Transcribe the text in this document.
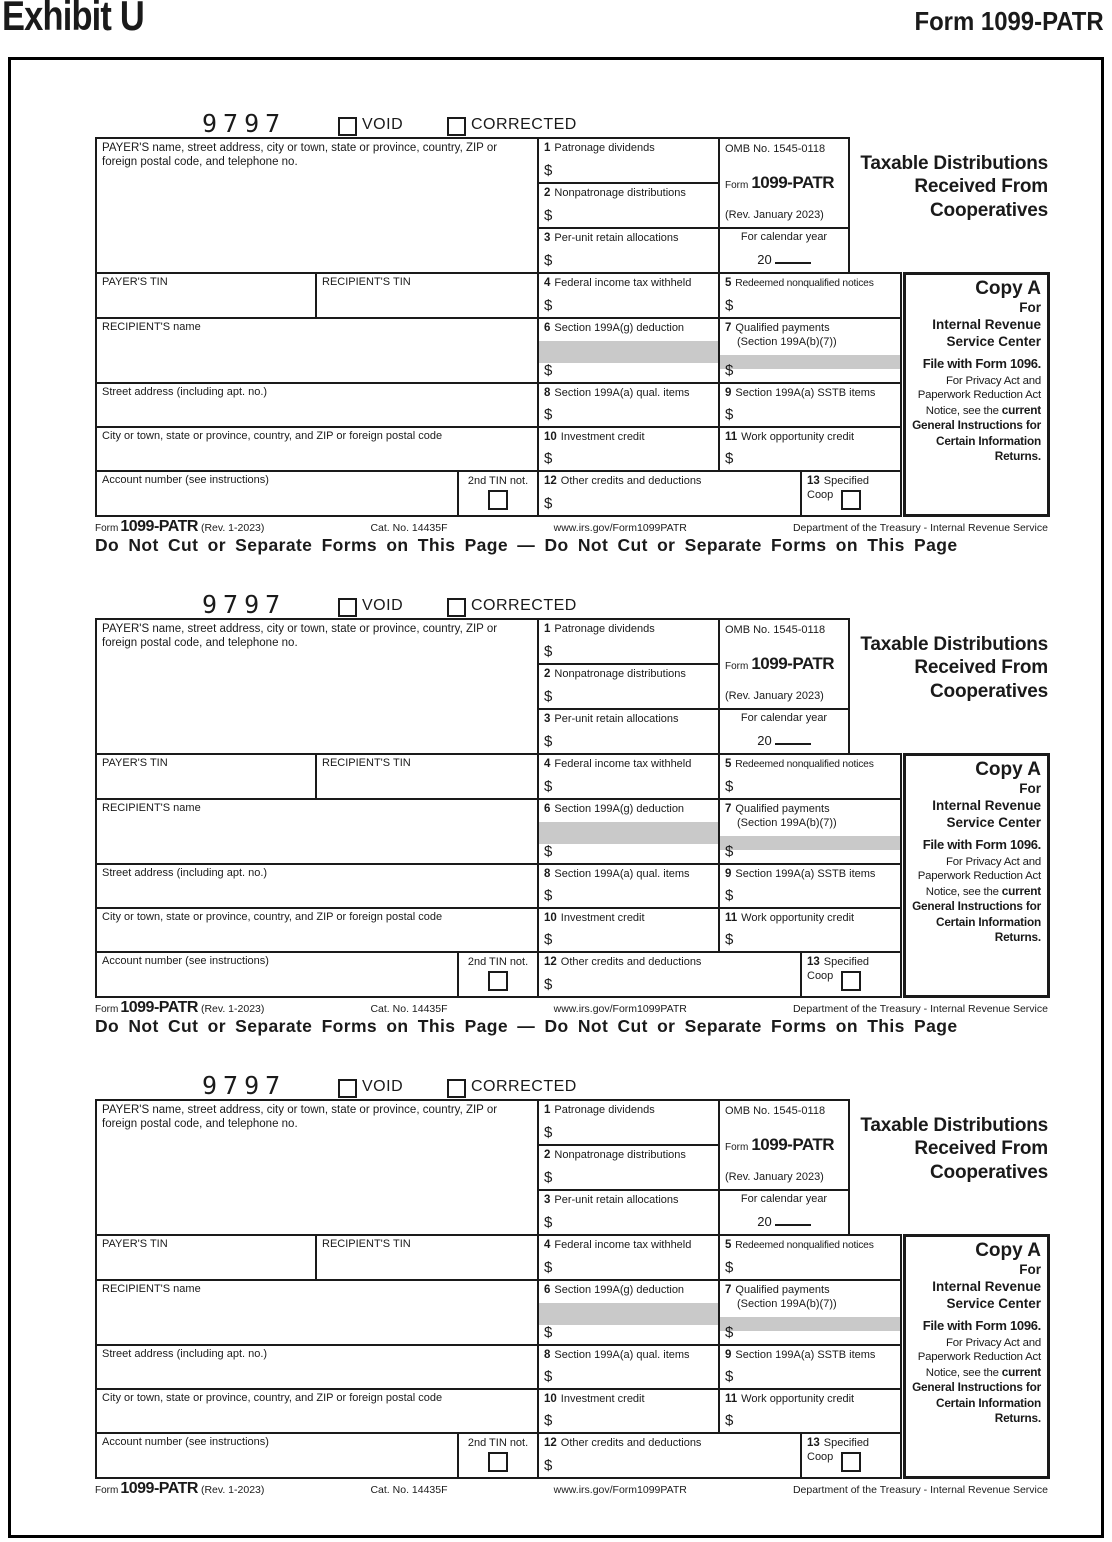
Exhibit U	Form 1099-PATR
9797	VOID	CORRECTED
PAYER'S name, street address, city or town, state or province, country, ZIP or foreign postal code, and telephone no.
1 Patronage dividends
$
2 Nonpatronage distributions
$
3 Per-unit retain allocations
$
OMB No. 1545-0118
Form 1099-PATR
(Rev. January 2023)
For calendar year
20
Taxable Distributions Received From Cooperatives
PAYER'S TIN	RECIPIENT'S TIN	4 Federal income tax withheld
$
5 Redeemed nonqualified notices
$
RECIPIENT'S name	6 Section 199A(g) deduction
$
7 Qualified payments
(Section 199A(b)(7))
$
Street address (including apt. no.)	8 Section 199A(a) qual. items
$
9 Section 199A(a) SSTB items
$
City or town, state or province, country, and ZIP or foreign postal code	10 Investment credit
$
11 Work opportunity credit
$
Account number (see instructions)	2nd TIN not.	12 Other credits and deductions
$
13 Specified Coop
Copy A
For
Internal Revenue Service Center
File with Form 1096.
For Privacy Act and Paperwork Reduction Act Notice, see the current General Instructions for Certain Information Returns.
Form 1099-PATR (Rev. 1-2023)	Cat. No. 14435F	www.irs.gov/Form1099PATR	Department of the Treasury - Internal Revenue Service
Do Not Cut or Separate Forms on This Page — Do Not Cut or Separate Forms on This Page
9797	VOID	CORRECTED
PAYER'S name, street address, city or town, state or province, country, ZIP or foreign postal code, and telephone no.
1 Patronage dividends
$
2 Nonpatronage distributions
$
3 Per-unit retain allocations
$
OMB No. 1545-0118
Form 1099-PATR
(Rev. January 2023)
For calendar year
20
Taxable Distributions Received From Cooperatives
PAYER'S TIN	RECIPIENT'S TIN	4 Federal income tax withheld
$
5 Redeemed nonqualified notices
$
RECIPIENT'S name	6 Section 199A(g) deduction
$
7 Qualified payments
(Section 199A(b)(7))
$
Street address (including apt. no.)	8 Section 199A(a) qual. items
$
9 Section 199A(a) SSTB items
$
City or town, state or province, country, and ZIP or foreign postal code	10 Investment credit
$
11 Work opportunity credit
$
Account number (see instructions)	2nd TIN not.	12 Other credits and deductions
$
13 Specified Coop
Copy A
For
Internal Revenue Service Center
File with Form 1096.
For Privacy Act and Paperwork Reduction Act Notice, see the current General Instructions for Certain Information Returns.
Form 1099-PATR (Rev. 1-2023)	Cat. No. 14435F	www.irs.gov/Form1099PATR	Department of the Treasury - Internal Revenue Service
Do Not Cut or Separate Forms on This Page — Do Not Cut or Separate Forms on This Page
9797	VOID	CORRECTED
PAYER'S name, street address, city or town, state or province, country, ZIP or foreign postal code, and telephone no.
1 Patronage dividends
$
2 Nonpatronage distributions
$
3 Per-unit retain allocations
$
OMB No. 1545-0118
Form 1099-PATR
(Rev. January 2023)
For calendar year
20
Taxable Distributions Received From Cooperatives
PAYER'S TIN	RECIPIENT'S TIN	4 Federal income tax withheld
$
5 Redeemed nonqualified notices
$
RECIPIENT'S name	6 Section 199A(g) deduction
$
7 Qualified payments
(Section 199A(b)(7))
$
Street address (including apt. no.)	8 Section 199A(a) qual. items
$
9 Section 199A(a) SSTB items
$
City or town, state or province, country, and ZIP or foreign postal code	10 Investment credit
$
11 Work opportunity credit
$
Account number (see instructions)	2nd TIN not.	12 Other credits and deductions
$
13 Specified Coop
Copy A
For
Internal Revenue Service Center
File with Form 1096.
For Privacy Act and Paperwork Reduction Act Notice, see the current General Instructions for Certain Information Returns.
Form 1099-PATR (Rev. 1-2023)	Cat. No. 14435F	www.irs.gov/Form1099PATR	Department of the Treasury - Internal Revenue Service
